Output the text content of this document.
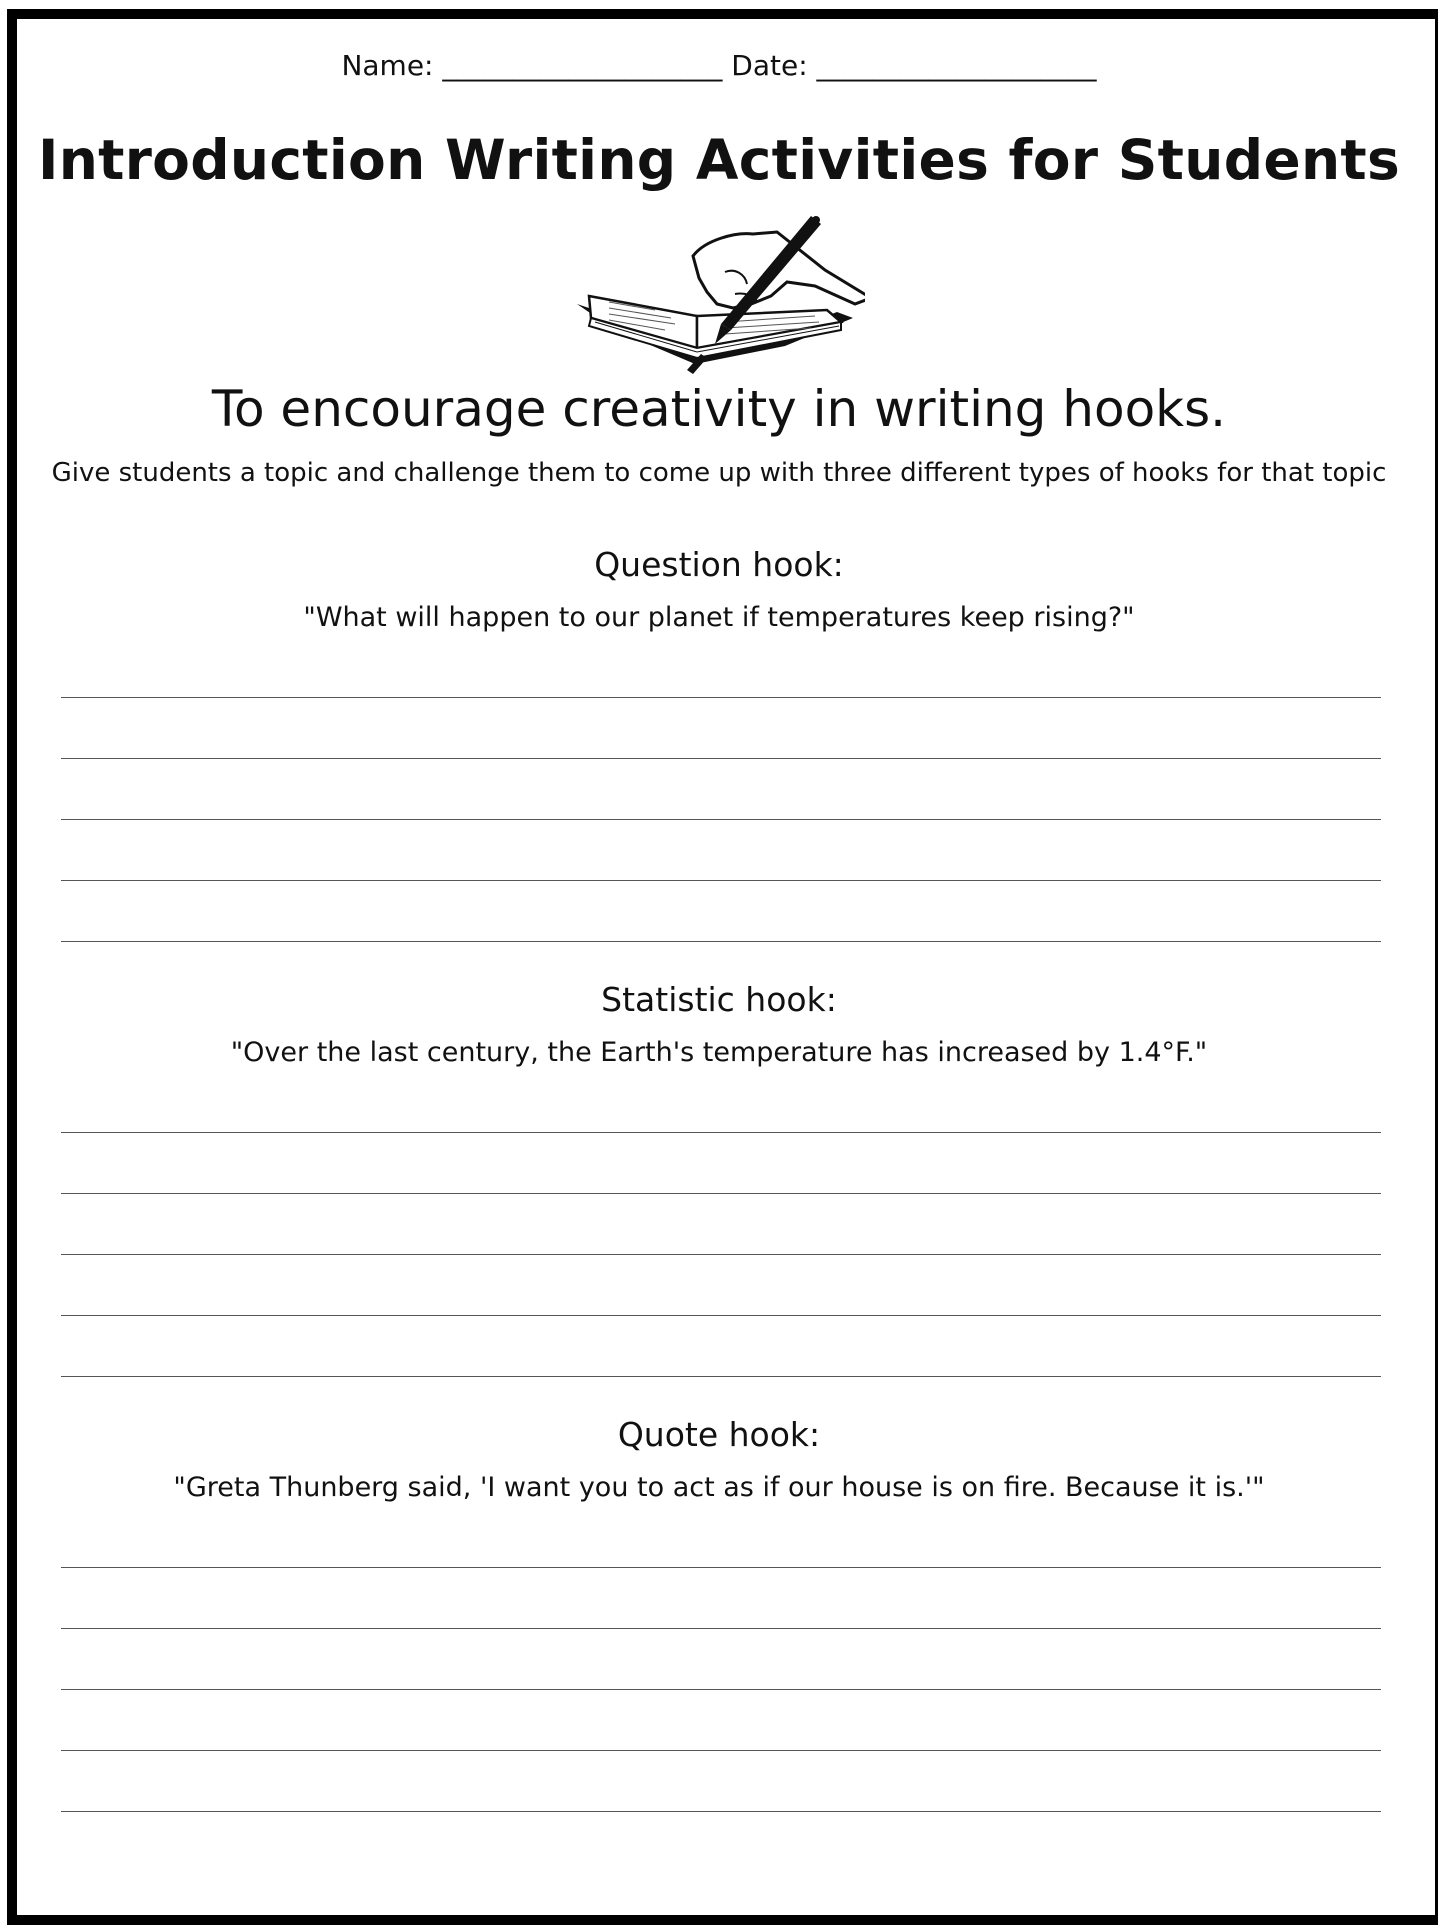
Name: ____________________ Date: ____________________
Introduction Writing Activities for Students
To encourage creativity in writing hooks.
Give students a topic and challenge them to come up with three different types of hooks for that topic
Question hook:
"What will happen to our planet if temperatures keep rising?"
Statistic hook:
"Over the last century, the Earth's temperature has increased by 1.4°F."
Quote hook:
"Greta Thunberg said, 'I want you to act as if our house is on fire. Because it is.'"
